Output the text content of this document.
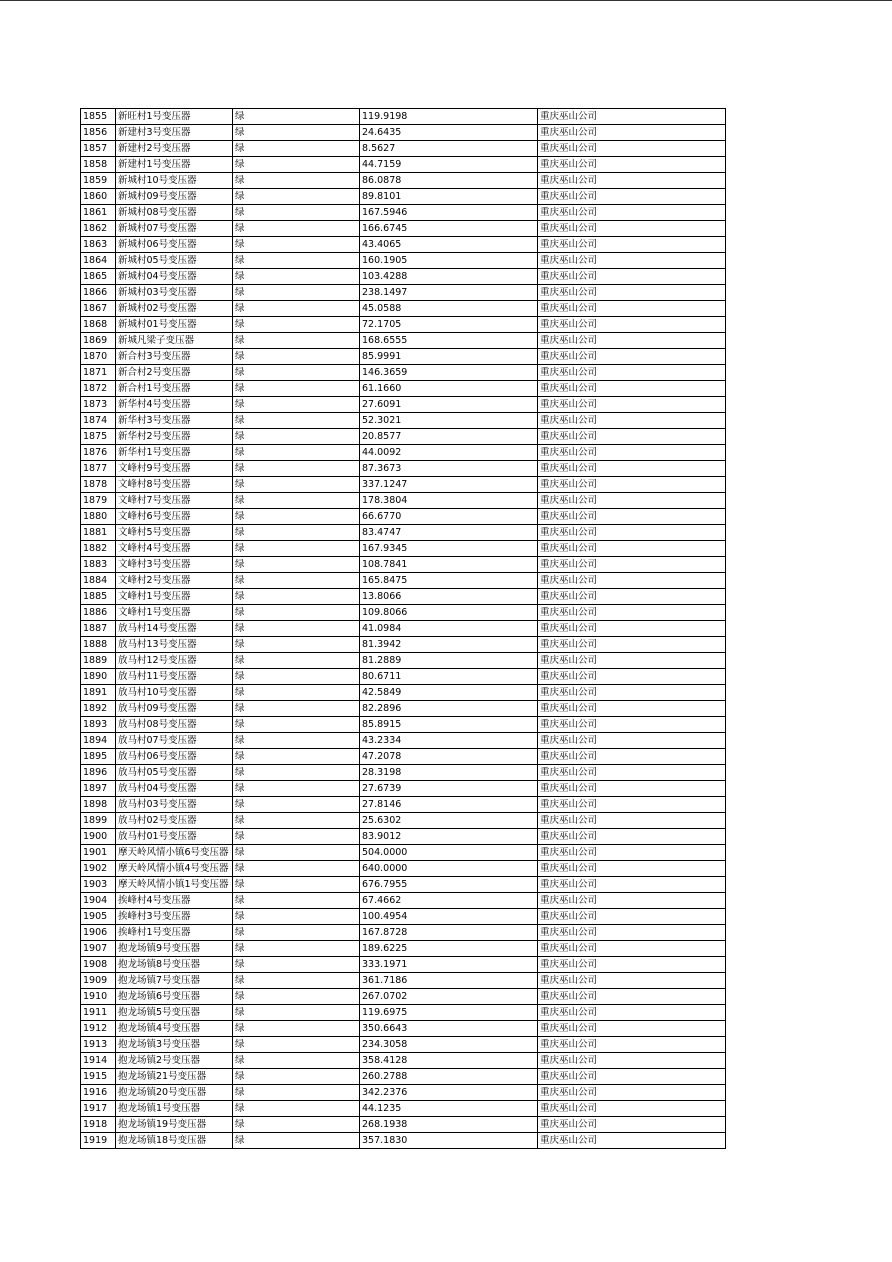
1855	新旺村1号变压器	绿	119.9198	重庆巫山公司
1856	新建村3号变压器	绿	24.6435	重庆巫山公司
1857	新建村2号变压器	绿	8.5627	重庆巫山公司
1858	新建村1号变压器	绿	44.7159	重庆巫山公司
1859	新城村10号变压器	绿	86.0878	重庆巫山公司
1860	新城村09号变压器	绿	89.8101	重庆巫山公司
1861	新城村08号变压器	绿	167.5946	重庆巫山公司
1862	新城村07号变压器	绿	166.6745	重庆巫山公司
1863	新城村06号变压器	绿	43.4065	重庆巫山公司
1864	新城村05号变压器	绿	160.1905	重庆巫山公司
1865	新城村04号变压器	绿	103.4288	重庆巫山公司
1866	新城村03号变压器	绿	238.1497	重庆巫山公司
1867	新城村02号变压器	绿	45.0588	重庆巫山公司
1868	新城村01号变压器	绿	72.1705	重庆巫山公司
1869	新城凡梁子变压器	绿	168.6555	重庆巫山公司
1870	新合村3号变压器	绿	85.9991	重庆巫山公司
1871	新合村2号变压器	绿	146.3659	重庆巫山公司
1872	新合村1号变压器	绿	61.1660	重庆巫山公司
1873	新华村4号变压器	绿	27.6091	重庆巫山公司
1874	新华村3号变压器	绿	52.3021	重庆巫山公司
1875	新华村2号变压器	绿	20.8577	重庆巫山公司
1876	新华村1号变压器	绿	44.0092	重庆巫山公司
1877	文峰村9号变压器	绿	87.3673	重庆巫山公司
1878	文峰村8号变压器	绿	337.1247	重庆巫山公司
1879	文峰村7号变压器	绿	178.3804	重庆巫山公司
1880	文峰村6号变压器	绿	66.6770	重庆巫山公司
1881	文峰村5号变压器	绿	83.4747	重庆巫山公司
1882	文峰村4号变压器	绿	167.9345	重庆巫山公司
1883	文峰村3号变压器	绿	108.7841	重庆巫山公司
1884	文峰村2号变压器	绿	165.8475	重庆巫山公司
1885	文峰村1号变压器	绿	13.8066	重庆巫山公司
1886	文峰村1号变压器	绿	109.8066	重庆巫山公司
1887	放马村14号变压器	绿	41.0984	重庆巫山公司
1888	放马村13号变压器	绿	81.3942	重庆巫山公司
1889	放马村12号变压器	绿	81.2889	重庆巫山公司
1890	放马村11号变压器	绿	80.6711	重庆巫山公司
1891	放马村10号变压器	绿	42.5849	重庆巫山公司
1892	放马村09号变压器	绿	82.2896	重庆巫山公司
1893	放马村08号变压器	绿	85.8915	重庆巫山公司
1894	放马村07号变压器	绿	43.2334	重庆巫山公司
1895	放马村06号变压器	绿	47.2078	重庆巫山公司
1896	放马村05号变压器	绿	28.3198	重庆巫山公司
1897	放马村04号变压器	绿	27.6739	重庆巫山公司
1898	放马村03号变压器	绿	27.8146	重庆巫山公司
1899	放马村02号变压器	绿	25.6302	重庆巫山公司
1900	放马村01号变压器	绿	83.9012	重庆巫山公司
1901	摩天岭风情小镇6号变压器	绿	504.0000	重庆巫山公司
1902	摩天岭风情小镇4号变压器	绿	640.0000	重庆巫山公司
1903	摩天岭风情小镇1号变压器	绿	676.7955	重庆巫山公司
1904	挨峰村4号变压器	绿	67.4662	重庆巫山公司
1905	挨峰村3号变压器	绿	100.4954	重庆巫山公司
1906	挨峰村1号变压器	绿	167.8728	重庆巫山公司
1907	抱龙场镇9号变压器	绿	189.6225	重庆巫山公司
1908	抱龙场镇8号变压器	绿	333.1971	重庆巫山公司
1909	抱龙场镇7号变压器	绿	361.7186	重庆巫山公司
1910	抱龙场镇6号变压器	绿	267.0702	重庆巫山公司
1911	抱龙场镇5号变压器	绿	119.6975	重庆巫山公司
1912	抱龙场镇4号变压器	绿	350.6643	重庆巫山公司
1913	抱龙场镇3号变压器	绿	234.3058	重庆巫山公司
1914	抱龙场镇2号变压器	绿	358.4128	重庆巫山公司
1915	抱龙场镇21号变压器	绿	260.2788	重庆巫山公司
1916	抱龙场镇20号变压器	绿	342.2376	重庆巫山公司
1917	抱龙场镇1号变压器	绿	44.1235	重庆巫山公司
1918	抱龙场镇19号变压器	绿	268.1938	重庆巫山公司
1919	抱龙场镇18号变压器	绿	357.1830	重庆巫山公司
